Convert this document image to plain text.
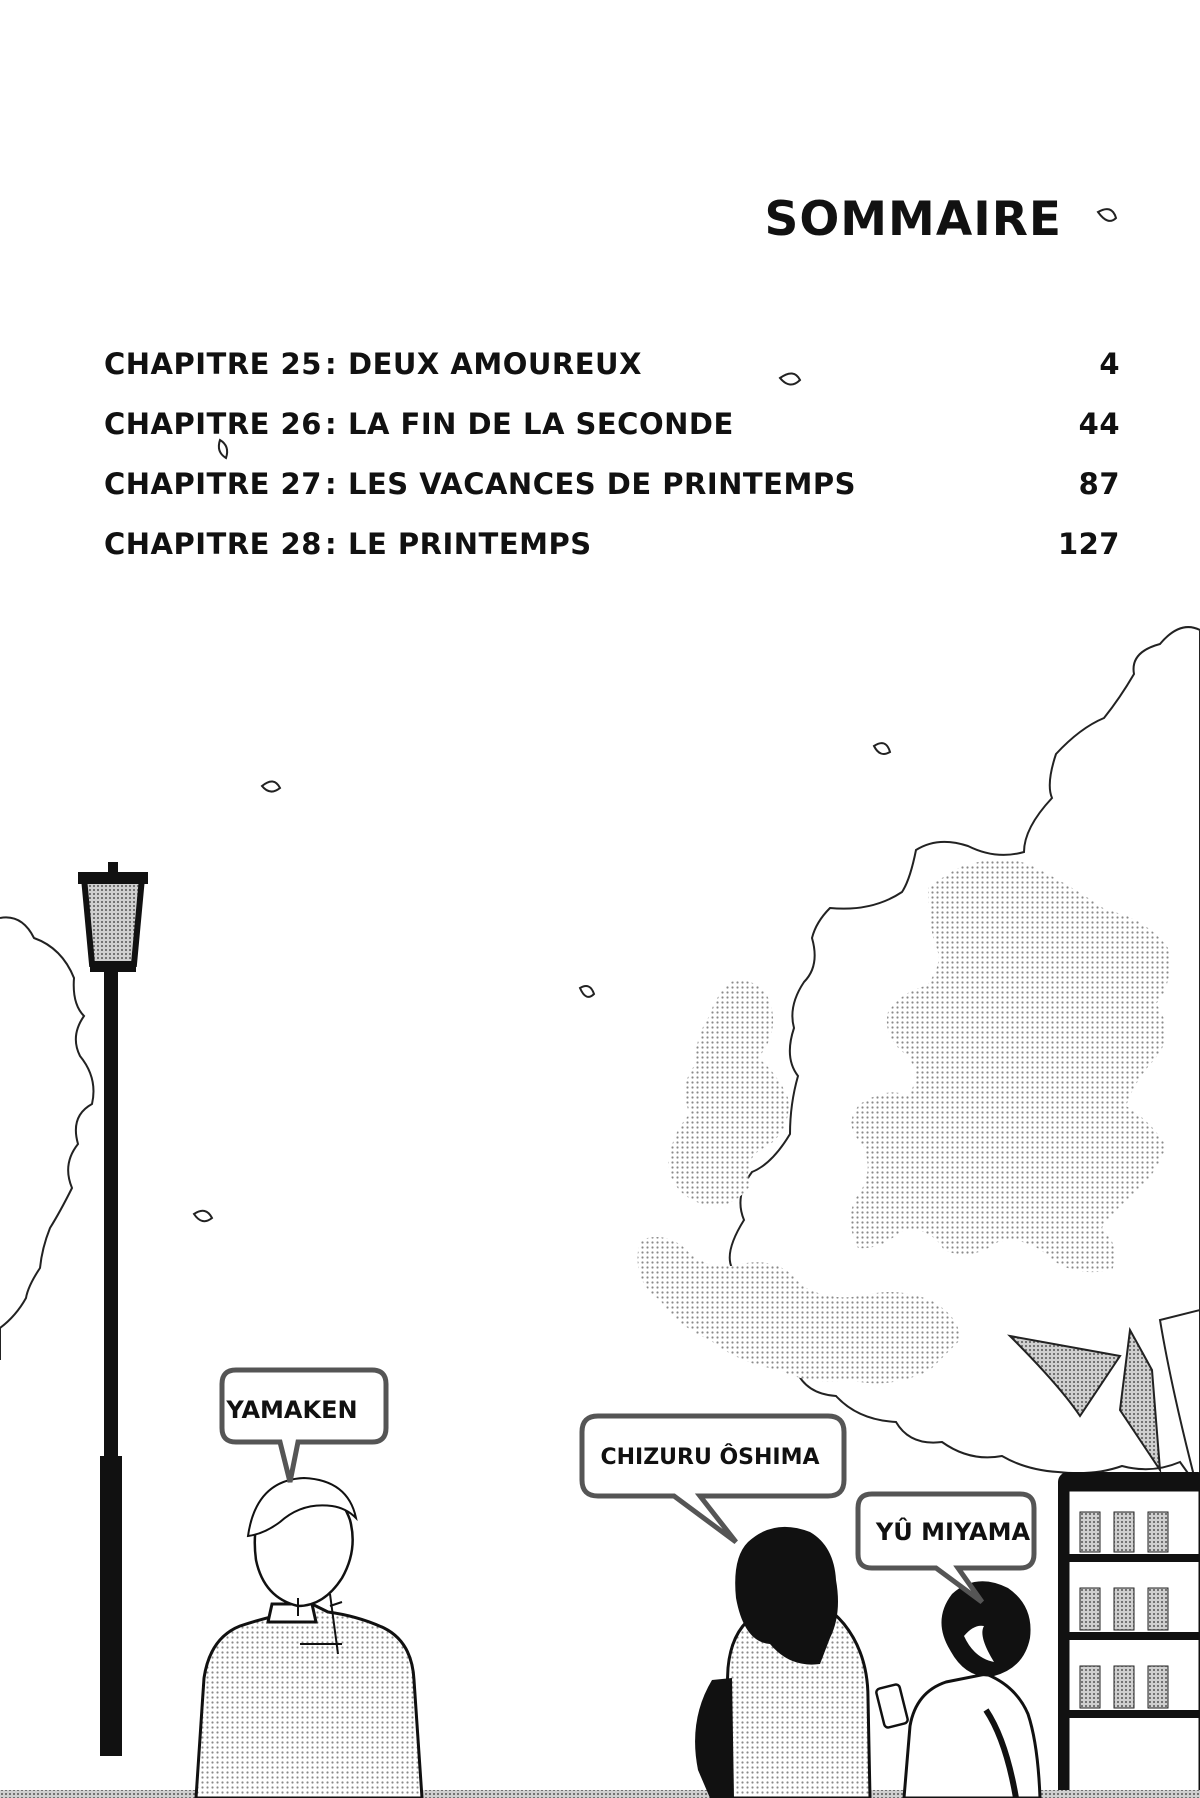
YAMAKEN
CHIZURU ÔSHIMA
YÛ MIYAMA
SOMMAIRE
CHAPITRE 25 : DEUX AMOUREUX	4
CHAPITRE 26 : LA FIN DE LA SECONDE	44
CHAPITRE 27 : LES VACANCES DE PRINTEMPS	87
CHAPITRE 28 : LE PRINTEMPS	127
